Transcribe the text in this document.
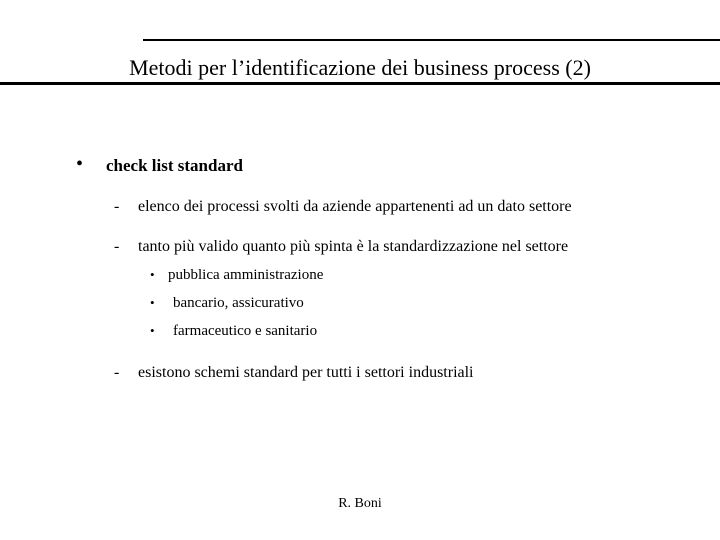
Metodi per l’identificazione dei business process (2)
• check list standard
- elenco dei processi svolti da aziende appartenenti ad un dato settore
- tanto più valido quanto più spinta è la standardizzazione nel settore
• pubblica amministrazione
• bancario, assicurativo
• farmaceutico e sanitario
- esistono schemi standard per tutti i settori industriali
R. Boni
